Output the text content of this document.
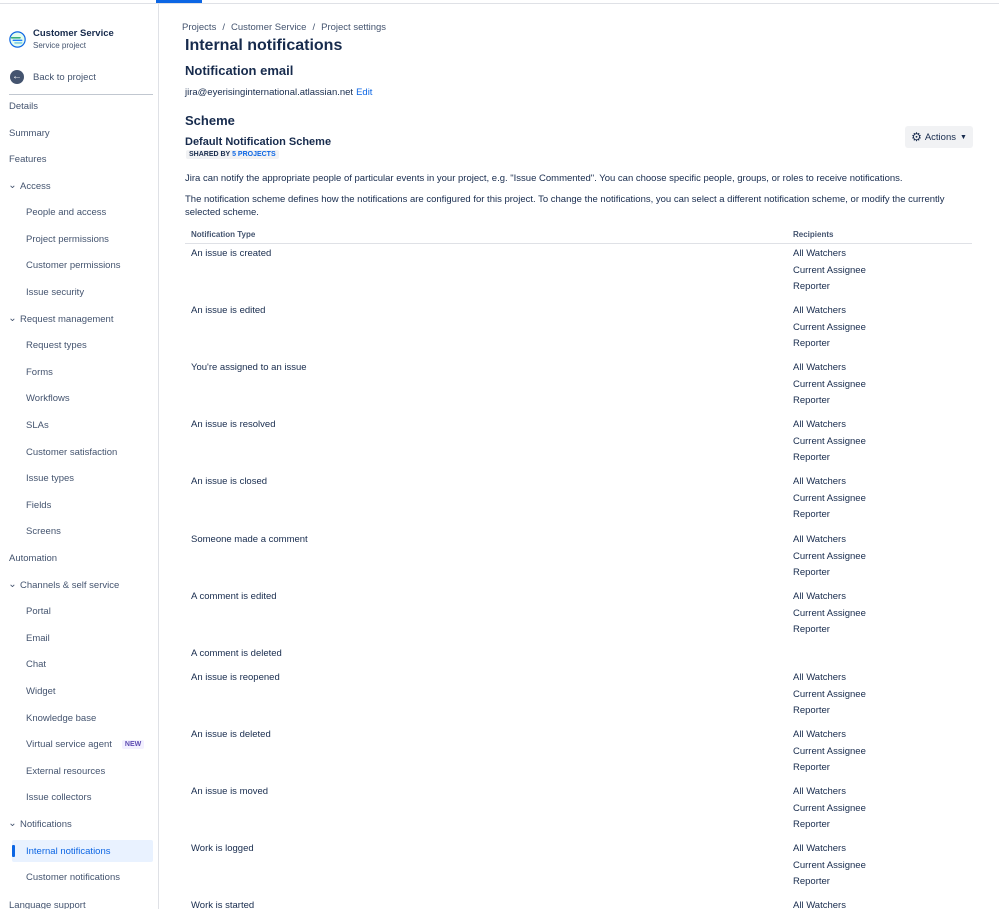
Customer Service
Service project
← Back to project
Details
Summary
Features
⌄ Access
People and access
Project permissions
Customer permissions
Issue security
⌄ Request management
Request types
Forms
Workflows
SLAs
Customer satisfaction
Issue types
Fields
Screens
Automation
⌄ Channels & self service
Portal
Email
Chat
Widget
Knowledge base
Virtual service agent	NEW
External resources
Issue collectors
⌄ Notifications
Internal notifications
Customer notifications
Language support
Projects / Customer Service / Project settings
Internal notifications
Notification email
jira@eyerisinginternational.atlassian.net Edit
Scheme
Default Notification Scheme
SHARED BY 5 PROJECTS
⚙ Actions ▼

Jira can notify the appropriate people of particular events in your project, e.g. "Issue Commented". You can choose specific people, groups, or roles to receive notifications.

The notification scheme defines how the notifications are configured for this project. To change the notifications, you can select a different notification scheme, or modify the currently selected scheme.

Notification Type	Recipients
An issue is created	All Watchers
Current Assignee
Reporter
An issue is edited	All Watchers
Current Assignee
Reporter
You're assigned to an issue	All Watchers
Current Assignee
Reporter
An issue is resolved	All Watchers
Current Assignee
Reporter
An issue is closed	All Watchers
Current Assignee
Reporter
Someone made a comment	All Watchers
Current Assignee
Reporter
A comment is edited	All Watchers
Current Assignee
Reporter
A comment is deleted
An issue is reopened	All Watchers
Current Assignee
Reporter
An issue is deleted	All Watchers
Current Assignee
Reporter
An issue is moved	All Watchers
Current Assignee
Reporter
Work is logged	All Watchers
Current Assignee
Reporter
Work is started	All Watchers
